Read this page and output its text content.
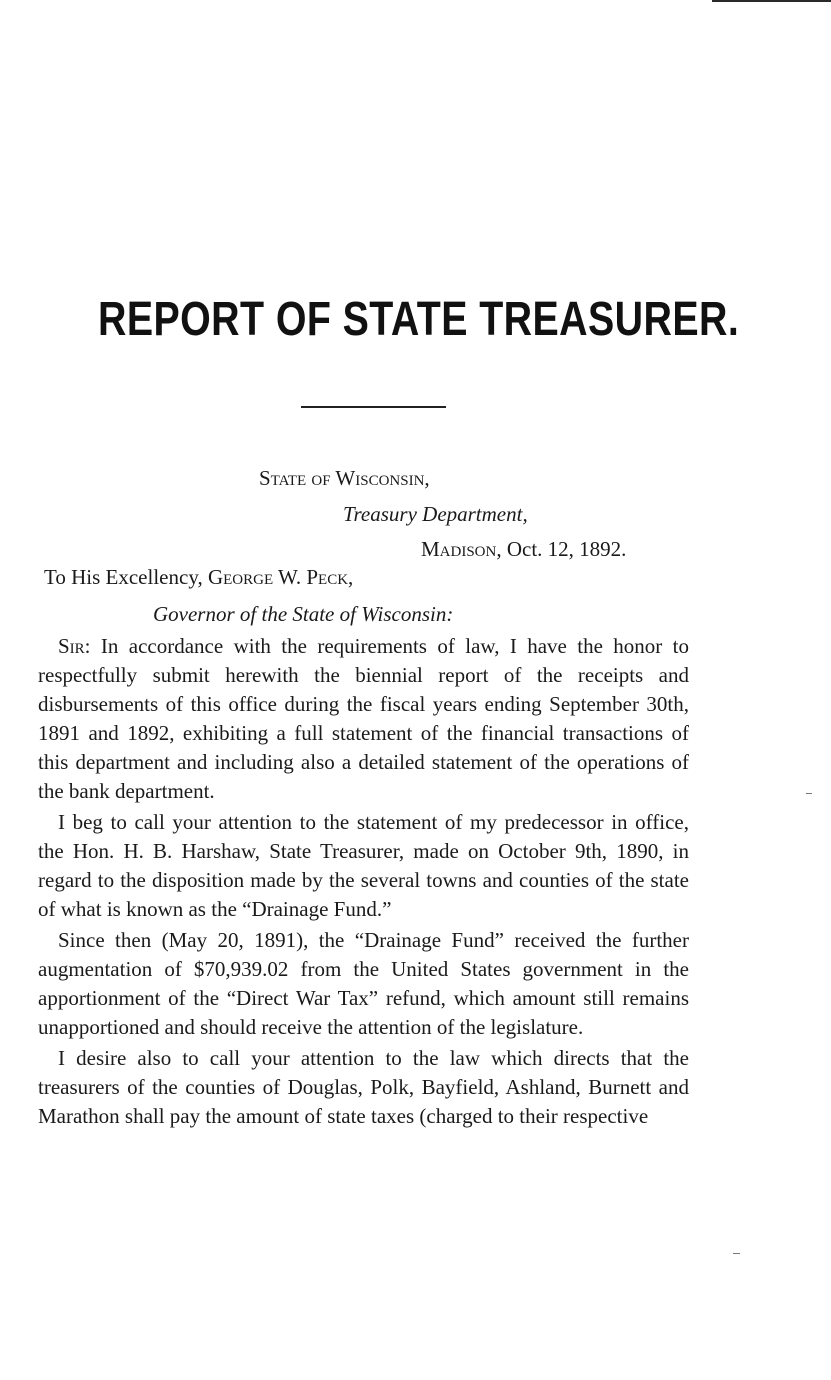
REPORT OF STATE TREASURER.
State of Wisconsin,
Treasury Department,
Madison, Oct. 12, 1892.
To His Excellency, George W. Peck,
Governor of the State of Wisconsin:

Sir: In accordance with the requirements of law, I have the honor to respectfully submit herewith the biennial report of the receipts and disbursements of this office during the fiscal years ending September 30th, 1891 and 1892, exhibiting a full statement of the financial transactions of this department and including also a detailed statement of the operations of the bank department.

I beg to call your attention to the statement of my predecessor in office, the Hon. H. B. Harshaw, State Treasurer, made on October 9th, 1890, in regard to the disposition made by the several towns and counties of the state of what is known as the “Drainage Fund.”

Since then (May 20, 1891), the “Drainage Fund” received the further augmentation of $70,939.02 from the United States government in the apportionment of the “Direct War Tax” refund, which amount still remains unapportioned and should receive the attention of the legislature.

I desire also to call your attention to the law which directs that the treasurers of the counties of Douglas, Polk, Bayfield, Ashland, Burnett and Marathon shall pay the amount of state taxes (charged to their respective
